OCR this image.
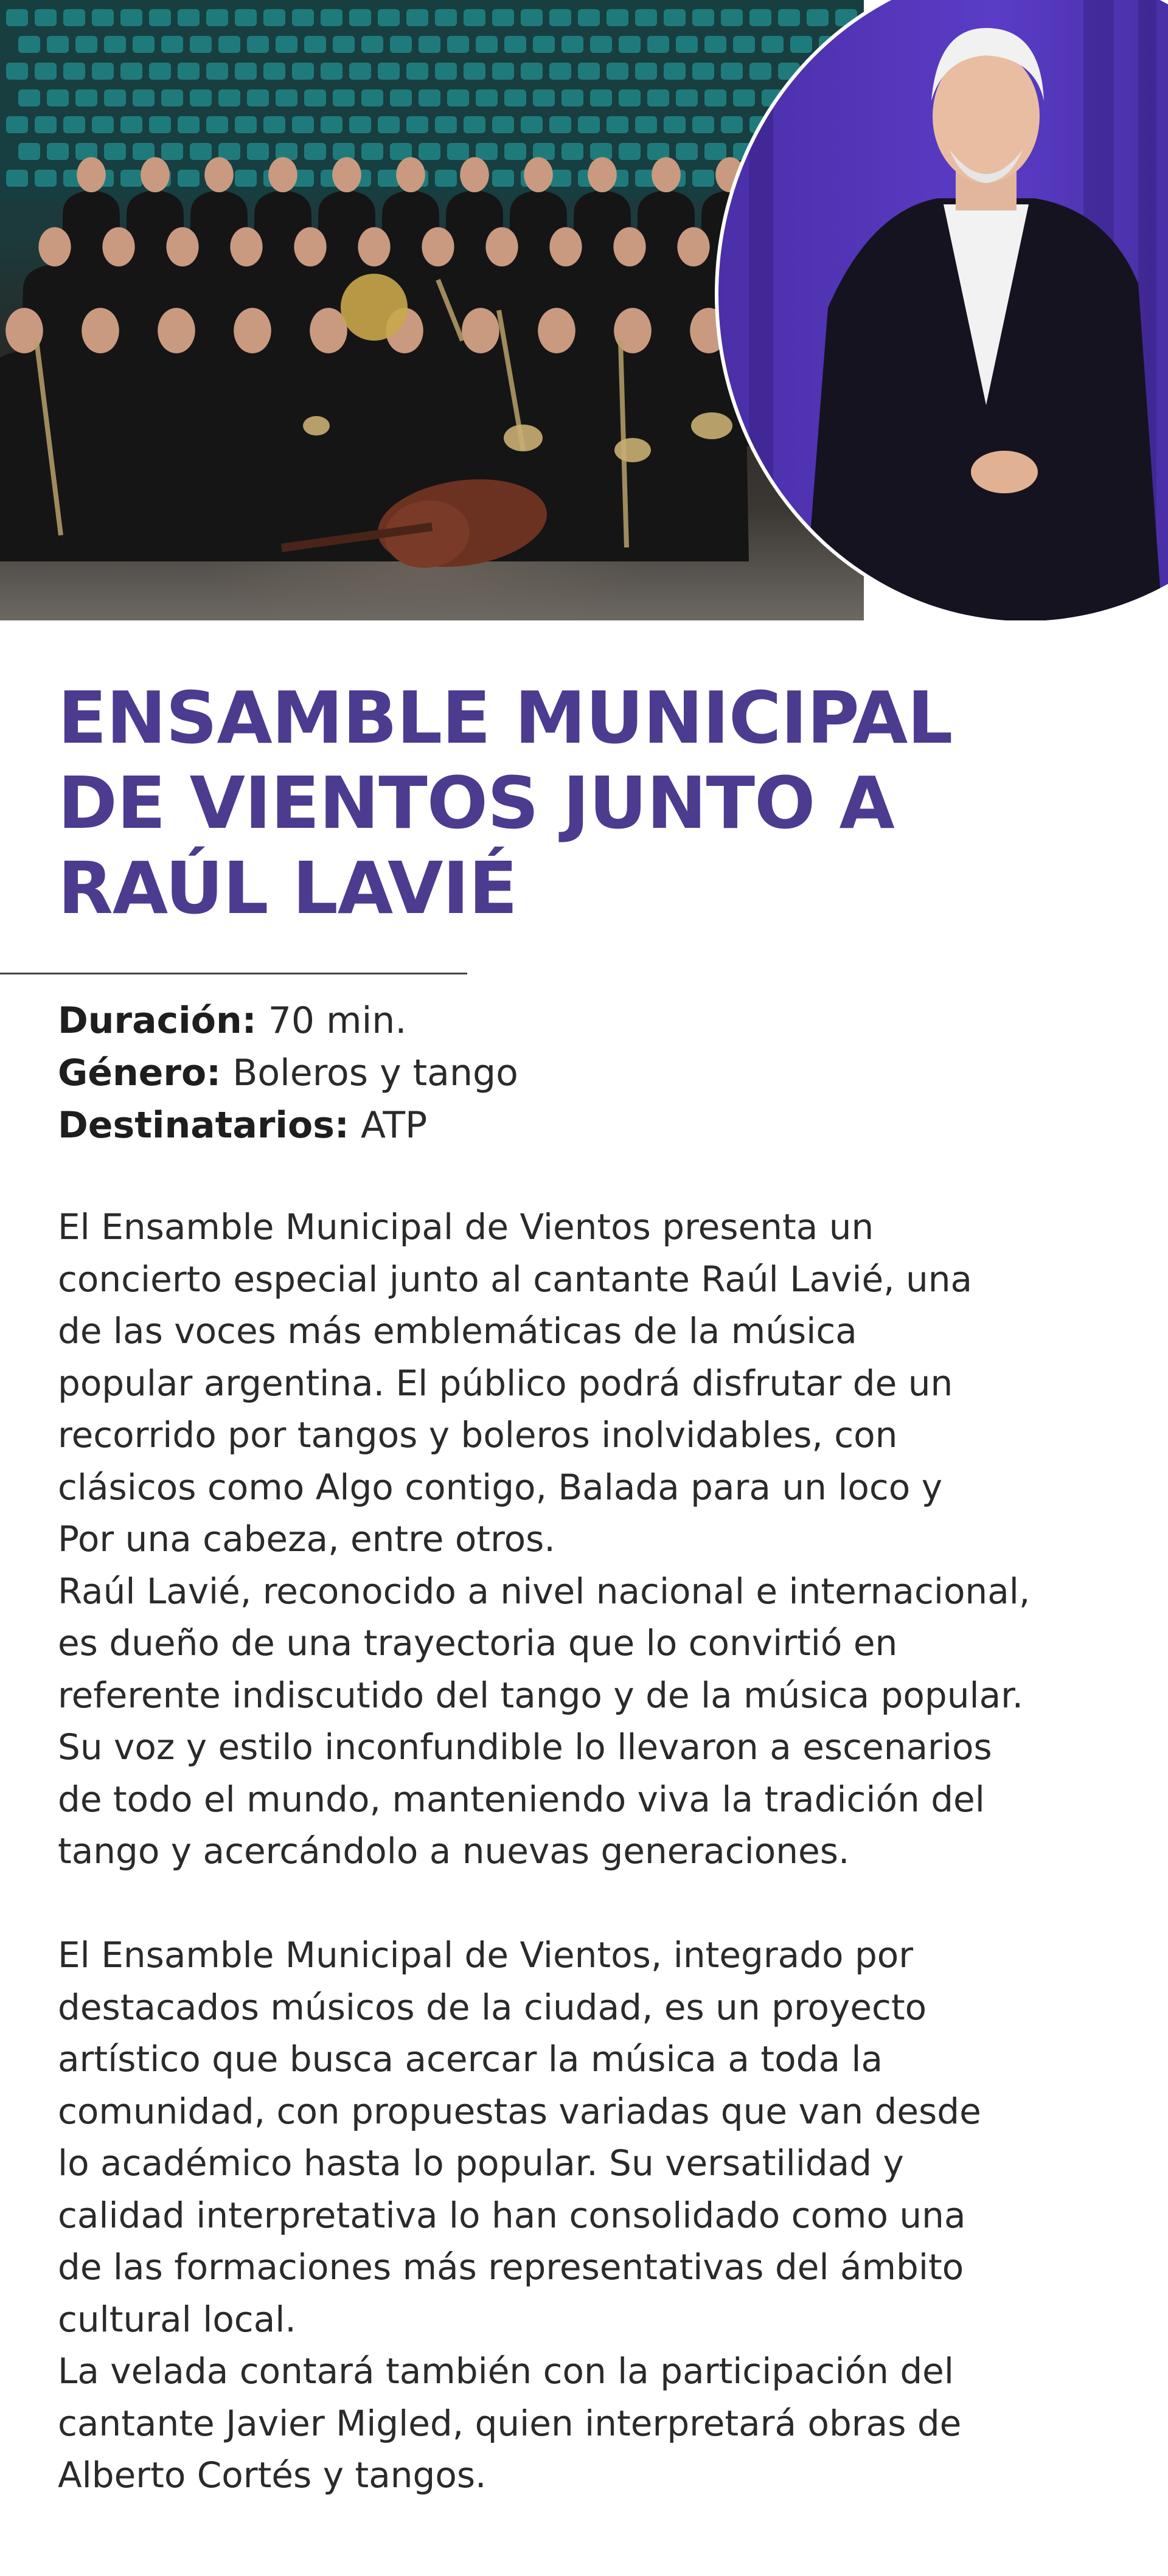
ENSAMBLE MUNICIPAL
DE VIENTOS JUNTO A
RAÚL LAVIÉ
Duración: 70 min.
Género: Boleros y tango
Destinatarios: ATP
El Ensamble Municipal de Vientos presenta un
concierto especial junto al cantante Raúl Lavié, una
de las voces más emblemáticas de la música
popular argentina. El público podrá disfrutar de un
recorrido por tangos y boleros inolvidables, con
clásicos como Algo contigo, Balada para un loco y
Por una cabeza, entre otros.
Raúl Lavié, reconocido a nivel nacional e internacional,
es dueño de una trayectoria que lo convirtió en
referente indiscutido del tango y de la música popular.
Su voz y estilo inconfundible lo llevaron a escenarios
de todo el mundo, manteniendo viva la tradición del
tango y acercándolo a nuevas generaciones.
El Ensamble Municipal de Vientos, integrado por
destacados músicos de la ciudad, es un proyecto
artístico que busca acercar la música a toda la
comunidad, con propuestas variadas que van desde
lo académico hasta lo popular. Su versatilidad y
calidad interpretativa lo han consolidado como una
de las formaciones más representativas del ámbito
cultural local.
La velada contará también con la participación del
cantante Javier Migled, quien interpretará obras de
Alberto Cortés y tangos.
